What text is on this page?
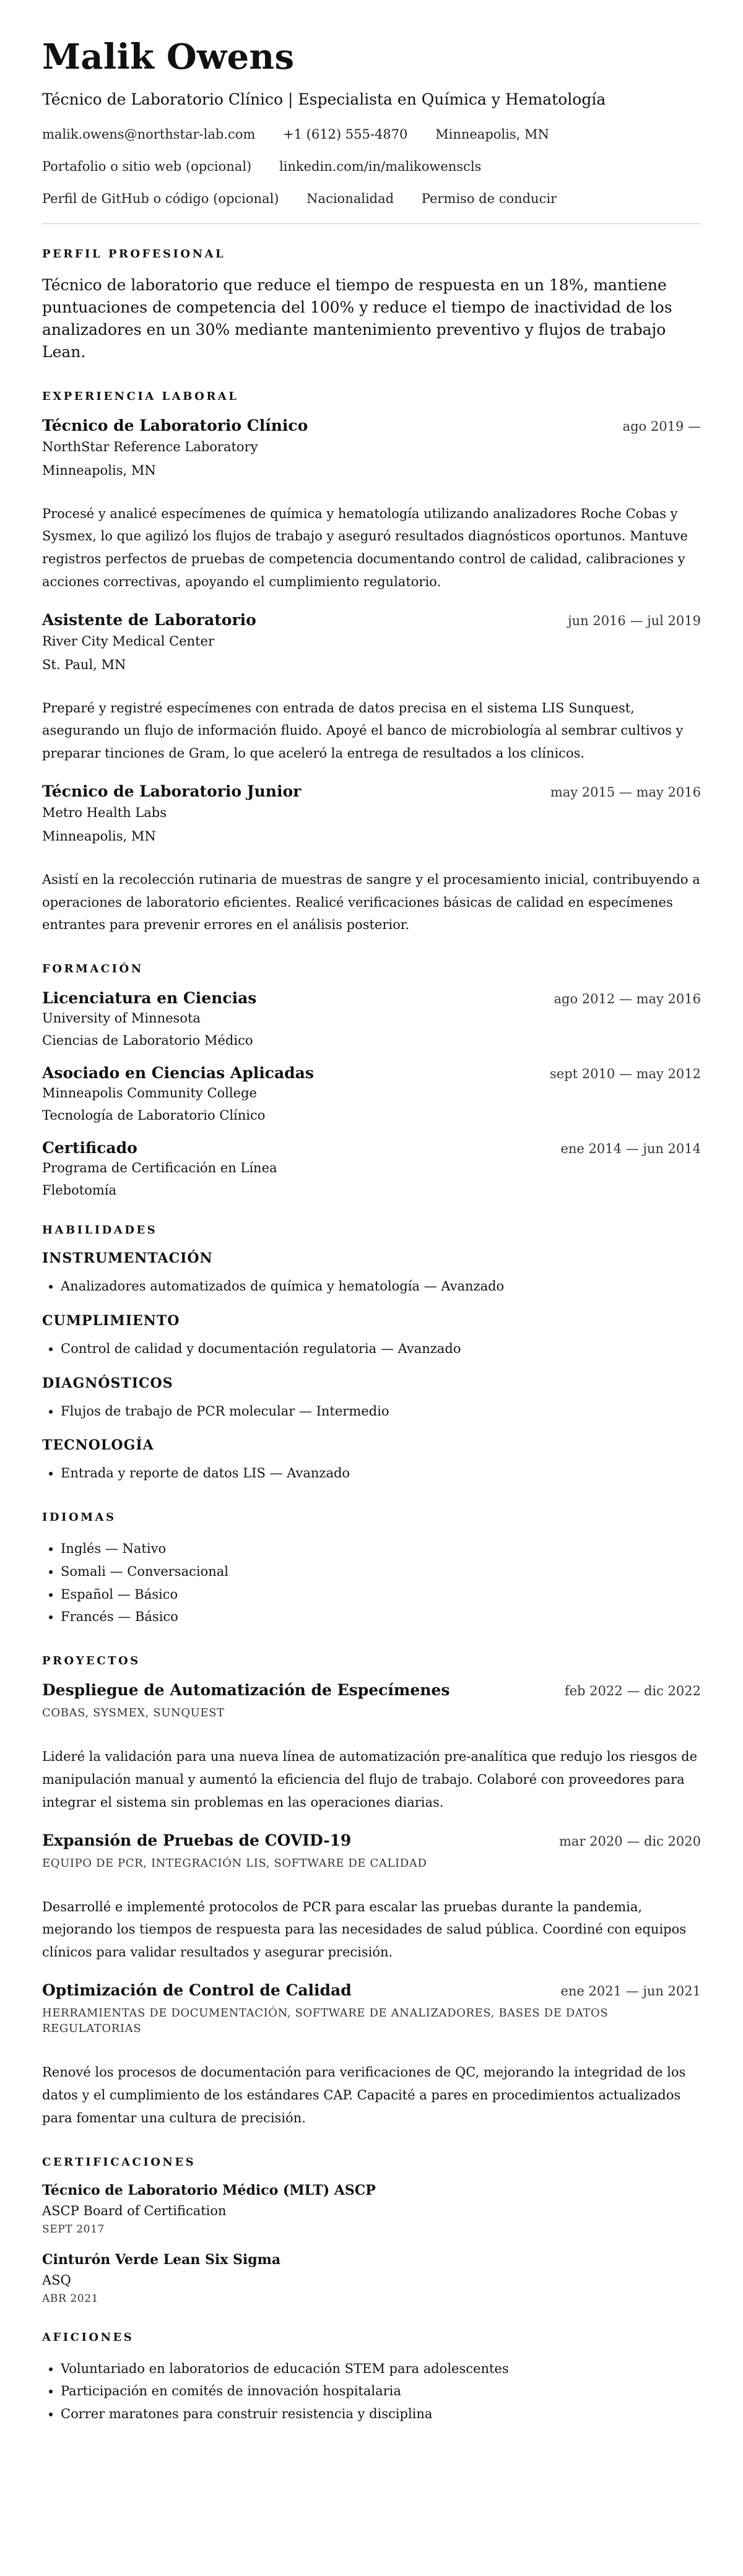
Malik Owens
Técnico de Laboratorio Clínico | Especialista en Química y Hematología
malik.owens@northstar-lab.com +1 (612) 555-4870 Minneapolis, MN
Portafolio o sitio web (opcional) linkedin.com/in/malikowenscls
Perfil de GitHub o código (opcional) Nacionalidad Permiso de conducir
PERFIL PROFESIONAL

Técnico de laboratorio que reduce el tiempo de respuesta en un 18%, mantiene puntuaciones de competencia del 100% y reduce el tiempo de inactividad de los analizadores en un 30% mediante mantenimiento preventivo y flujos de trabajo Lean.

EXPERIENCIA LABORAL
Técnico de Laboratorio Clínico	ago 2019 —
NorthStar Reference Laboratory
Minneapolis, MN
Procesé y analicé especímenes de química y hematología utilizando analizadores Roche Cobas y Sysmex, lo que agilizó los flujos de trabajo y aseguró resultados diagnósticos oportunos. Mantuve registros perfectos de pruebas de competencia documentando control de calidad, calibraciones y acciones correctivas, apoyando el cumplimiento regulatorio.
Asistente de Laboratorio	jun 2016 — jul 2019
River City Medical Center
St. Paul, MN
Preparé y registré especímenes con entrada de datos precisa en el sistema LIS Sunquest, asegurando un flujo de información fluido. Apoyé el banco de microbiología al sembrar cultivos y preparar tinciones de Gram, lo que aceleró la entrega de resultados a los clínicos.
Técnico de Laboratorio Junior	may 2015 — may 2016
Metro Health Labs
Minneapolis, MN
Asistí en la recolección rutinaria de muestras de sangre y el procesamiento inicial, contribuyendo a operaciones de laboratorio eficientes. Realicé verificaciones básicas de calidad en especímenes entrantes para prevenir errores en el análisis posterior.
FORMACIÓN
Licenciatura en Ciencias	ago 2012 — may 2016
University of Minnesota
Ciencias de Laboratorio Médico
Asociado en Ciencias Aplicadas	sept 2010 — may 2012
Minneapolis Community College
Tecnología de Laboratorio Clínico
Certificado	ene 2014 — jun 2014
Programa de Certificación en Línea
Flebotomía
HABILIDADES
INSTRUMENTACIÓN
• Analizadores automatizados de química y hematología — Avanzado
CUMPLIMIENTO
• Control de calidad y documentación regulatoria — Avanzado
DIAGNÓSTICOS
• Flujos de trabajo de PCR molecular — Intermedio
TECNOLOGÍA
• Entrada y reporte de datos LIS — Avanzado
IDIOMAS
• Inglés — Nativo
• Somali — Conversacional
• Español — Básico
• Francés — Básico
PROYECTOS
Despliegue de Automatización de Especímenes	feb 2022 — dic 2022
COBAS, SYSMEX, SUNQUEST
Lideré la validación para una nueva línea de automatización pre-analítica que redujo los riesgos de manipulación manual y aumentó la eficiencia del flujo de trabajo. Colaboré con proveedores para integrar el sistema sin problemas en las operaciones diarias.
Expansión de Pruebas de COVID-19	mar 2020 — dic 2020
EQUIPO DE PCR, INTEGRACIÓN LIS, SOFTWARE DE CALIDAD
Desarrollé e implementé protocolos de PCR para escalar las pruebas durante la pandemia, mejorando los tiempos de respuesta para las necesidades de salud pública. Coordiné con equipos clínicos para validar resultados y asegurar precisión.
Optimización de Control de Calidad	ene 2021 — jun 2021
HERRAMIENTAS DE DOCUMENTACIÓN, SOFTWARE DE ANALIZADORES, BASES DE DATOS REGULATORIAS
Renové los procesos de documentación para verificaciones de QC, mejorando la integridad de los datos y el cumplimiento de los estándares CAP. Capacité a pares en procedimientos actualizados para fomentar una cultura de precisión.
CERTIFICACIONES
Técnico de Laboratorio Médico (MLT) ASCP
ASCP Board of Certification
SEPT 2017
Cinturón Verde Lean Six Sigma
ASQ
ABR 2021
AFICIONES
• Voluntariado en laboratorios de educación STEM para adolescentes
• Participación en comités de innovación hospitalaria
• Correr maratones para construir resistencia y disciplina
